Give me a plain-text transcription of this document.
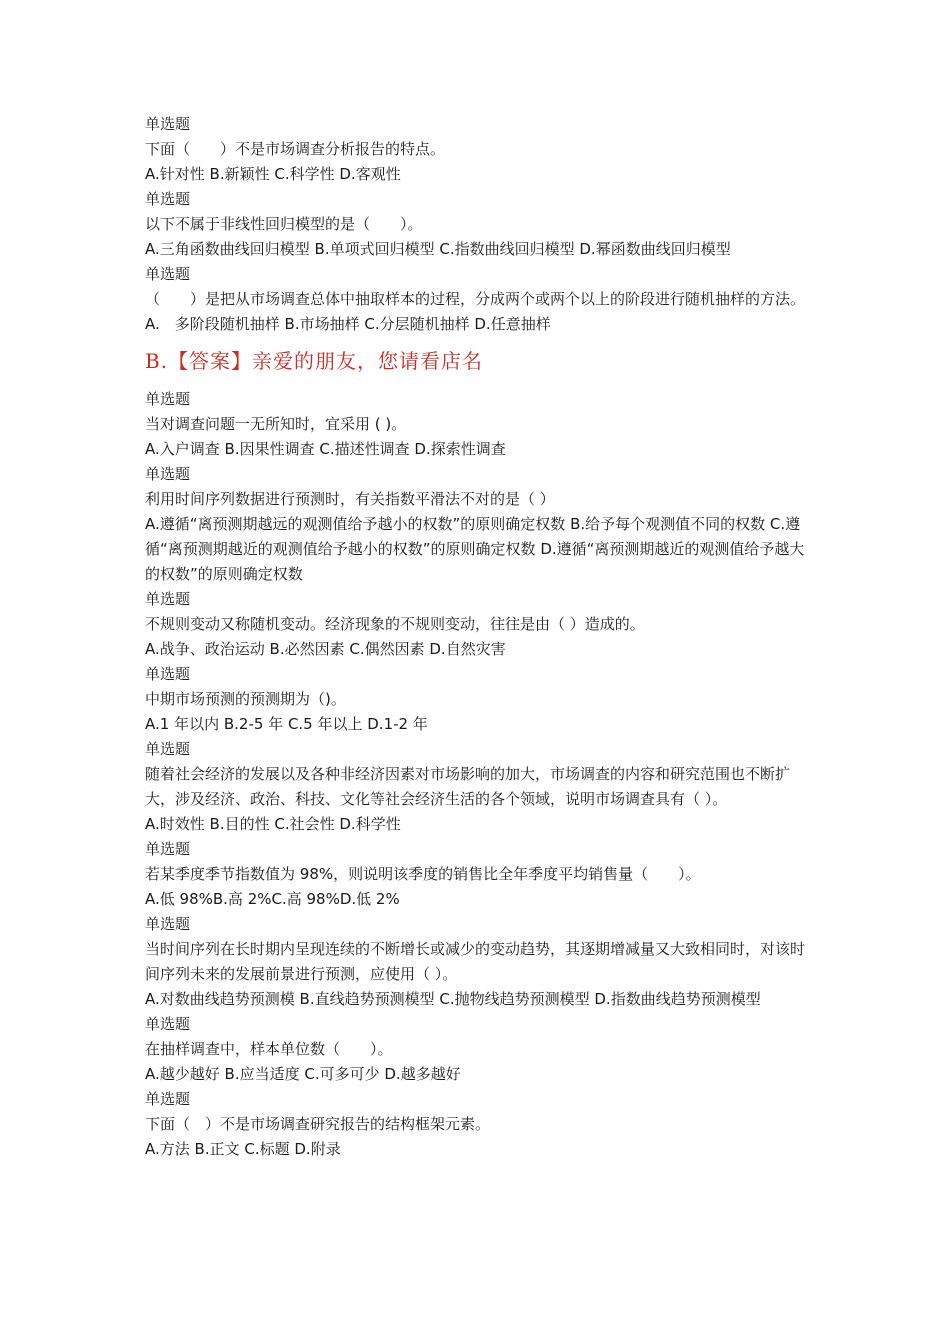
单选题

下面（　　）不是市场调查分析报告的特点。

A.针对性 B.新颖性 C.科学性 D.客观性

单选题

以下不属于非线性回归模型的是（　　）。

A.三角函数曲线回归模型 B.单项式回归模型 C.指数曲线回归模型 D.幂函数曲线回归模型

单选题

（　　）是把从市场调查总体中抽取样本的过程，分成两个或两个以上的阶段进行随机抽样的方法。

A.　多阶段随机抽样 B.市场抽样 C.分层随机抽样 D.任意抽样

B.【答案】亲爱的朋友，您请看店名

单选题

当对调查问题一无所知时，宜采用 ( )。

A.入户调查 B.因果性调查 C.描述性调查 D.探索性调查

单选题

利用时间序列数据进行预测时，有关指数平滑法不对的是（ ）

A.遵循“离预测期越远的观测值给予越小的权数”的原则确定权数 B.给予每个观测值不同的权数 C.遵循“离预测期越近的观测值给予越小的权数”的原则确定权数 D.遵循“离预测期越近的观测值给予越大的权数”的原则确定权数

单选题

不规则变动又称随机变动。经济现象的不规则变动，往往是由（ ）造成的。

A.战争、政治运动 B.必然因素 C.偶然因素 D.自然灾害

单选题

中期市场预测的预测期为（)。

A.1 年以内 B.2-5 年 C.5 年以上 D.1-2 年

单选题

随着社会经济的发展以及各种非经济因素对市场影响的加大，市场调查的内容和研究范围也不断扩大，涉及经济、政治、科技、文化等社会经济生活的各个领域，说明市场调查具有（ ）。

A.时效性 B.目的性 C.社会性 D.科学性

单选题

若某季度季节指数值为 98%，则说明该季度的销售比全年季度平均销售量（　　）。

A.低 98%B.高 2%C.高 98%D.低 2%

单选题

当时间序列在长时期内呈现连续的不断增长或减少的变动趋势，其逐期增减量又大致相同时，对该时间序列未来的发展前景进行预测，应使用（ ）。

A.对数曲线趋势预测模 B.直线趋势预测模型 C.抛物线趋势预测模型 D.指数曲线趋势预测模型

单选题

在抽样调查中，样本单位数（　　）。

A.越少越好 B.应当适度 C.可多可少 D.越多越好

单选题

下面（　）不是市场调查研究报告的结构框架元素。

A.方法 B.正文 C.标题 D.附录
